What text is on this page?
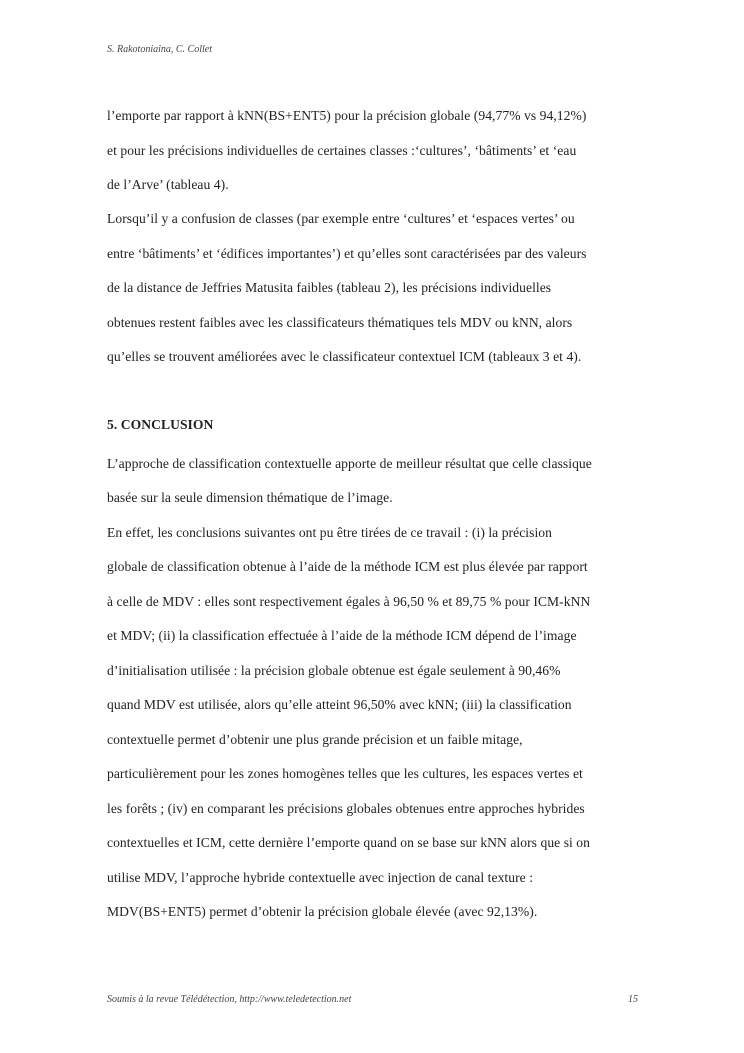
S. Rakotoniaina, C. Collet
l’emporte par rapport à kNN(BS+ENT5) pour la précision globale (94,77% vs 94,12%)
et pour les précisions individuelles de certaines classes :‘cultures’, ‘bâtiments’ et ‘eau
de l’Arve’ (tableau 4).
Lorsqu’il y a confusion de classes (par exemple entre ‘cultures’ et ‘espaces vertes’ ou
entre ‘bâtiments’ et ‘édifices importantes’) et qu’elles sont caractérisées par des valeurs
de la distance de Jeffries Matusita faibles (tableau 2), les précisions individuelles
obtenues restent faibles avec les classificateurs thématiques tels MDV ou kNN, alors
qu’elles se trouvent améliorées avec le classificateur contextuel ICM (tableaux 3 et 4).
5. CONCLUSION
L’approche de classification contextuelle apporte de meilleur résultat que celle classique
basée sur la seule dimension thématique de l’image.
En effet, les conclusions suivantes ont pu être tirées de ce travail : (i) la précision
globale de classification obtenue à l’aide de la méthode ICM est plus élevée par rapport
à celle de MDV : elles sont respectivement égales à 96,50 % et 89,75 % pour ICM-kNN
et MDV; (ii) la classification effectuée à l’aide de la méthode ICM dépend de l’image
d’initialisation utilisée : la précision globale obtenue est égale seulement à 90,46%
quand MDV est utilisée, alors qu’elle atteint 96,50% avec kNN; (iii) la classification
contextuelle permet d’obtenir une plus grande précision et un faible mitage,
particulièrement pour les zones homogènes telles que les cultures, les espaces vertes et
les forêts ; (iv) en comparant les précisions globales obtenues entre approches hybrides
contextuelles et ICM, cette dernière l’emporte quand on se base sur kNN alors que si on
utilise MDV, l’approche hybride contextuelle avec injection de canal texture :
MDV(BS+ENT5) permet d’obtenir la précision globale élevée (avec 92,13%).
Soumis à la revue Télédétection, http://www.teledetection.net	15
